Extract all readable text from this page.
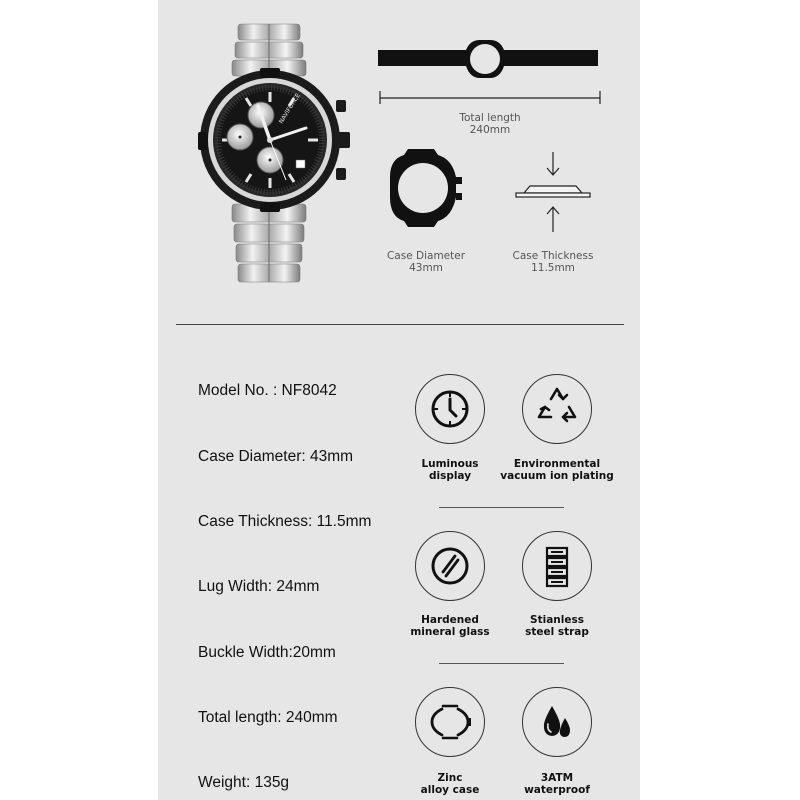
NAVIFORCE	Total length
240mm
Case Diameter
43mm
Case Thickness
11.5mm
Model No. : NF8042
Case Diameter: 43mm
Case Thickness: 11.5mm
Lug Width: 24mm
Buckle Width:20mm
Total length: 240mm
Weight: 135g
Luminous
display
Environmental
vacuum ion plating
Hardened
mineral glass
Stianless
steel strap
Zinc
alloy case
3ATM
waterproof
